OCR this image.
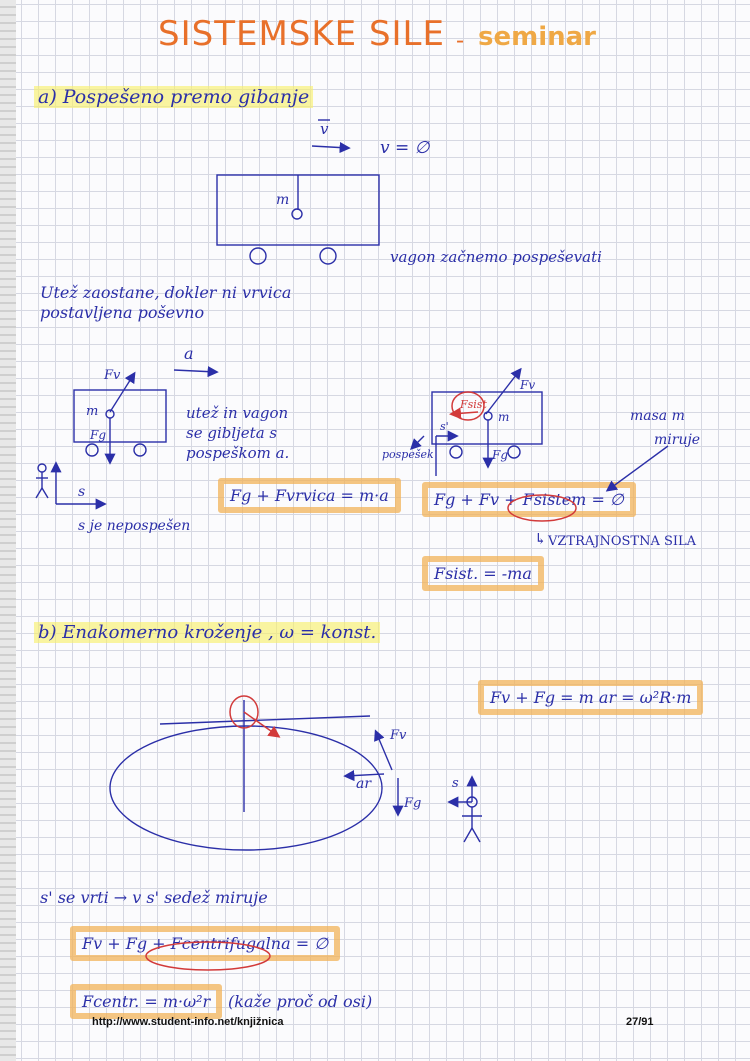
SISTEMSKE SILE - seminar
a) Pospešeno premo gibanje
v
v = ∅
m
vagon začnemo pospeševati
Utež zaostane, dokler ni vrvica
postavljena poševno
a
Fv
m
Fg
utež in vagon
se gibljeta s
pospeškom a.
s
s je nepospešen
Fg + Fvrvica = m·a
Fsist
m
Fv
Fg
s'
pospešek
masa m
miruje
Fg + Fv + Fsistem = ∅
↳ VZTRAJNOSTNA SILA
Fsist. = -ma
b) Enakomerno kroženje , ω = konst.
Fv + Fg = m ar = ω²R·m
Fv
ar
Fg
s
s' se vrti → v s' sedež miruje
Fv + Fg + Fcentrifugalna = ∅
Fcentr. = m·ω²r	(kaže proč od osi)
http://www.student-info.net/knjižnica	27/91
